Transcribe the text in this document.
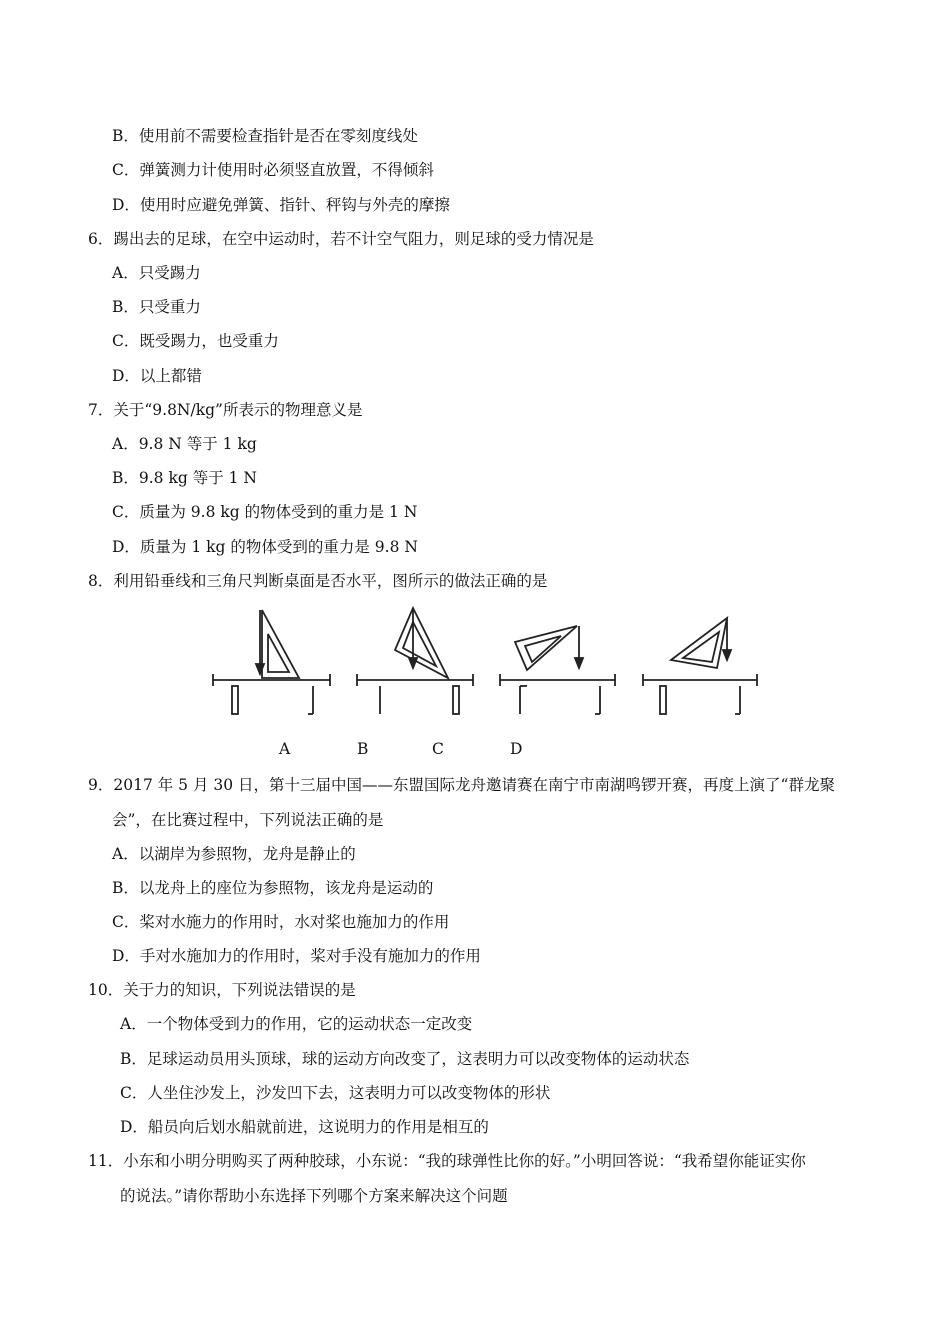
B．使用前不需要检查指针是否在零刻度线处
C．弹簧测力计使用时必须竖直放置，不得倾斜
D．使用时应避免弹簧、指针、秤钩与外壳的摩擦
6．踢出去的足球，在空中运动时，若不计空气阻力，则足球的受力情况是
A．只受踢力
B．只受重力
C．既受踢力，也受重力
D．以上都错
7．关于“9.8N/kg”所表示的物理意义是
A．9.8 N 等于 1 kg
B．9.8 kg 等于 1 N
C．质量为 9.8 kg 的物体受到的重力是 1 N
D．质量为 1 kg 的物体受到的重力是 9.8 N
8．利用铅垂线和三角尺判断桌面是否水平，图所示的做法正确的是
A	B	C	D
9．2017 年 5 月 30 日，第十三届中国——东盟国际龙舟邀请赛在南宁市南湖鸣锣开赛，再度上演了“群龙聚
会”，在比赛过程中，下列说法正确的是
A．以湖岸为参照物，龙舟是静止的
B．以龙舟上的座位为参照物，该龙舟是运动的
C．桨对水施力的作用时，水对桨也施加力的作用
D．手对水施加力的作用时，桨对手没有施加力的作用
10．关于力的知识，下列说法错误的是
A．一个物体受到力的作用，它的运动状态一定改变
B．足球运动员用头顶球，球的运动方向改变了，这表明力可以改变物体的运动状态
C．人坐住沙发上，沙发凹下去，这表明力可以改变物体的形状
D．船员向后划水船就前进，这说明力的作用是相互的
11．小东和小明分明购买了两种胶球，小东说：“我的球弹性比你的好。”小明回答说：“我希望你能证实你
的说法。”请你帮助小东选择下列哪个方案来解决这个问题
